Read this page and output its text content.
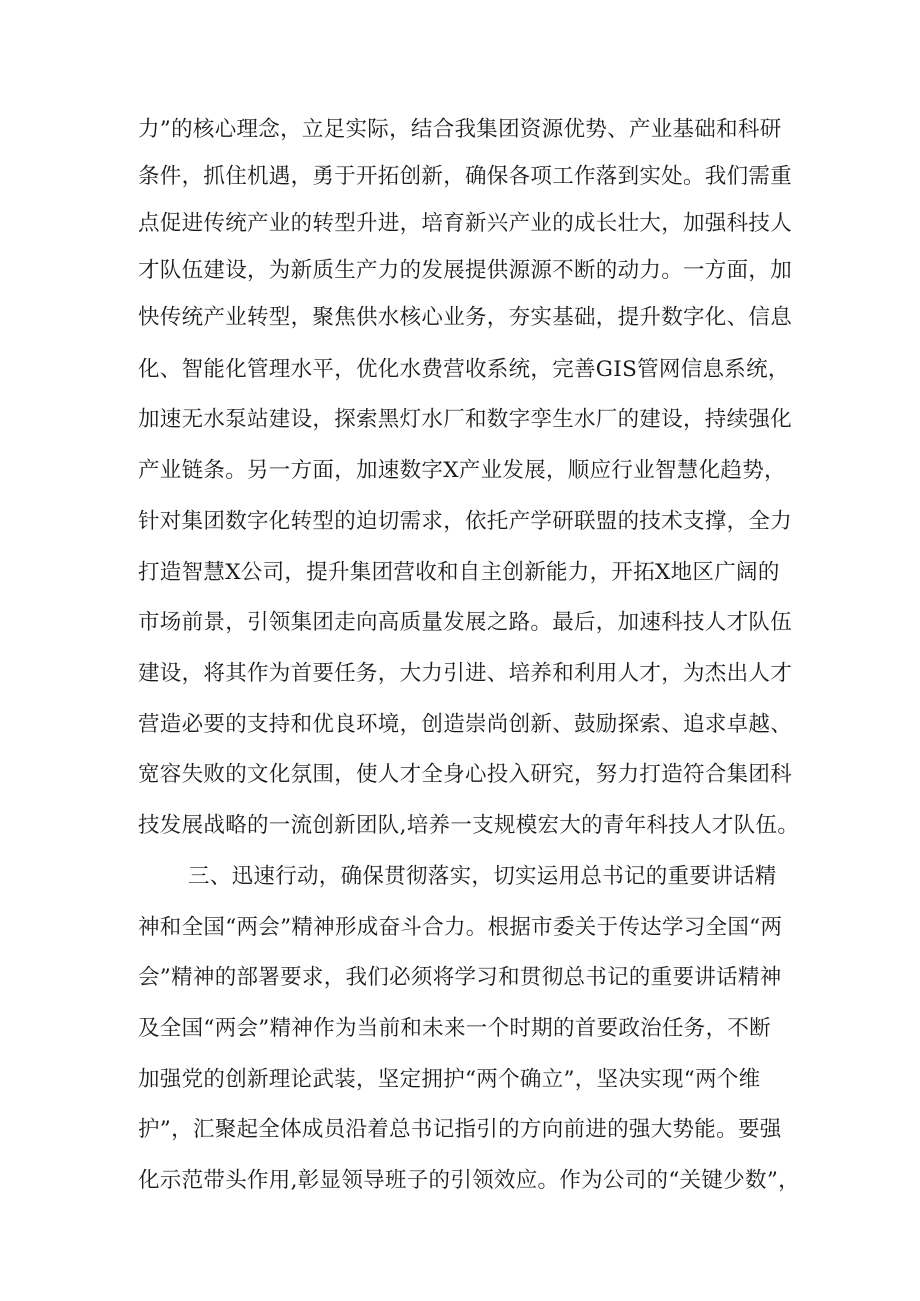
力”的核心理念，立足实际，结合我集团资源优势、产业基础和科研
条件，抓住机遇，勇于开拓创新，确保各项工作落到实处。我们需重
点促进传统产业的转型升进，培育新兴产业的成长壮大，加强科技人
才队伍建设，为新质生产力的发展提供源源不断的动力。一方面，加
快传统产业转型，聚焦供水核心业务，夯实基础，提升数字化、信息
化、智能化管理水平，优化水费营收系统，完善GIS管网信息系统，
加速无水泵站建设，探索黑灯水厂和数字孪生水厂的建设，持续强化
产业链条。另一方面，加速数字X产业发展，顺应行业智慧化趋势，
针对集团数字化转型的迫切需求，依托产学研联盟的技术支撑，全力
打造智慧X公司，提升集团营收和自主创新能力，开拓X地区广阔的
市场前景，引领集团走向高质量发展之路。最后，加速科技人才队伍
建设，将其作为首要任务，大力引进、培养和利用人才，为杰出人才
营造必要的支持和优良环境，创造崇尚创新、鼓励探索、追求卓越、
宽容失败的文化氛围，使人才全身心投入研究，努力打造符合集团科
技发展战略的一流创新团队,培养一支规模宏大的青年科技人才队伍。
三、迅速行动，确保贯彻落实，切实运用总书记的重要讲话精
神和全国“两会”精神形成奋斗合力。根据市委关于传达学习全国“两
会”精神的部署要求，我们必须将学习和贯彻总书记的重要讲话精神
及全国“两会”精神作为当前和未来一个时期的首要政治任务，不断
加强党的创新理论武装，坚定拥护“两个确立”，坚决实现“两个维
护”，汇聚起全体成员沿着总书记指引的方向前进的强大势能。要强
化示范带头作用,彰显领导班子的引领效应。作为公司的“关键少数”，
